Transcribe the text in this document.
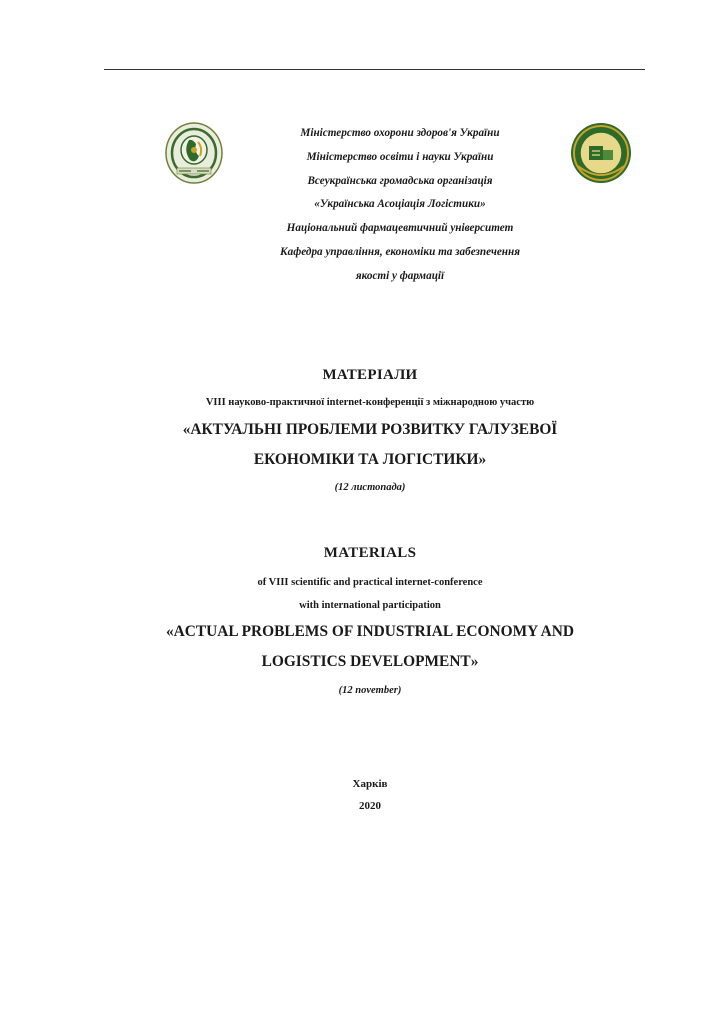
Міністерство охорони здоров'я України
Міністерство освіти і науки України
Всеукраїнська громадська організація
«Українська Асоціація Логістики»
Національний фармацевтичний університет
Кафедра управління, економіки та забезпечення
якості у фармації
МАТЕРІАЛИ
VIII науково-практичної internet-конференції з міжнародною участю
«АКТУАЛЬНІ ПРОБЛЕМИ РОЗВИТКУ ГАЛУЗЕВОЇ
ЕКОНОМІКИ ТА ЛОГІСТИКИ»
(12 листопада)
MATERIALS
of VIII scientific and practical internet-conference
with international participation
«ACTUAL PROBLEMS OF INDUSTRIAL ECONOMY AND
LOGISTICS DEVELOPMENT»
(12 november)
Харків
2020
